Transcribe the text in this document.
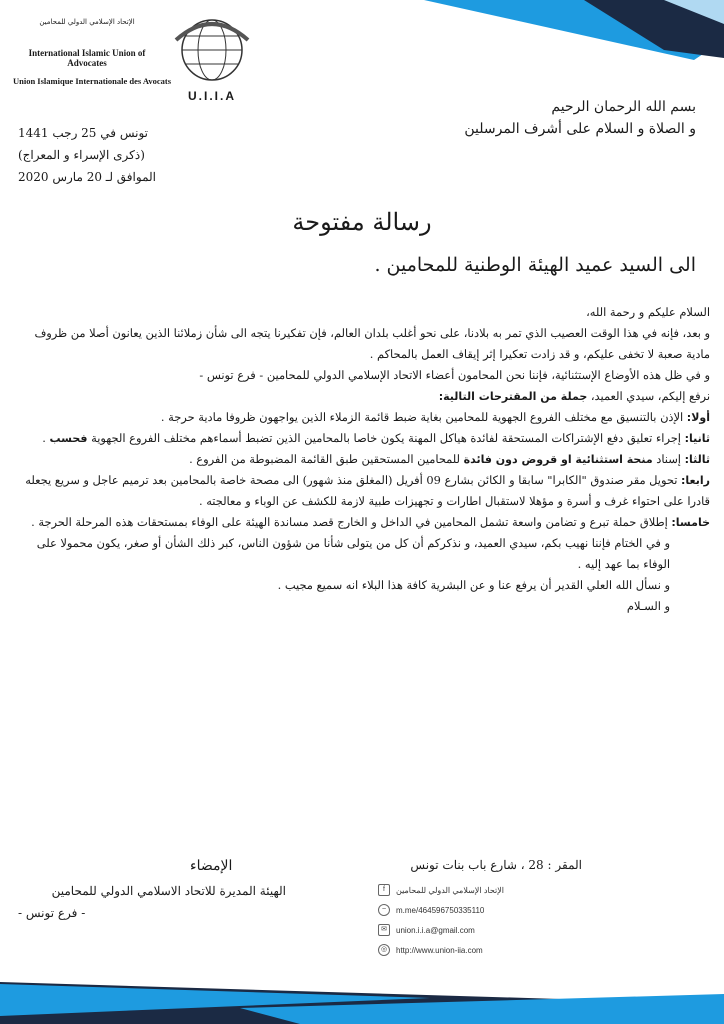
الإتحاد الإسلامي الدولي للمحامين
International Islamic Union of Advocates
Union Islamique Internationale des Avocats
U.I.I.A
تونس في 25 رجب 1441
(ذكرى الإسراء و المعراج)
الموافق لـ 20 مارس 2020
بسم الله الرحمان الرحيم
و الصلاة و السلام على أشرف المرسلين
رسالة مفتوحة
الى السيد عميد الهيئة الوطنية للمحامين .

السلام عليكم و رحمة الله،

و بعد، فإنه في هذا الوقت العصيب الذي تمر به بلادنا، على نحو أغلب بلدان العالم، فإن تفكيرنا يتجه الى شأن زملائنا الذين يعانون أصلا من ظروف مادية صعبة لا تخفى عليكم، و قد زادت تعكيرا إثر إيقاف العمل بالمحاكم .

و في ظل هذه الأوضاع الإستثنائية، فإننا نحن المحامون أعضاء الاتحاد الإسلامي الدولي للمحامين - فرع تونس -

نرفع إليكم، سيدي العميد، جملة من المقترحات التالية:

أولا: الإذن بالتنسيق مع مختلف الفروع الجهوية للمحامين بغاية ضبط قائمة الزملاء الذين يواجهون ظروفا مادية حرجة .

ثانيا: إجراء تعليق دفع الإشتراكات المستحقة لفائدة هياكل المهنة يكون خاصا بالمحامين الذين تضبط أسماءهم مختلف الفروع الجهوية فحسب .

ثالثا: إسناد منحة استثنائية او قروض دون فائدة للمحامين المستحقين طبق القائمة المضبوطة من الفروع .

رابعا: تحويل مقر صندوق "الكابرا" سابقا و الكائن بشارع 09 أفريل (المغلق منذ شهور) الى مصحة خاصة بالمحامين بعد ترميم عاجل و سريع يجعله قادرا على احتواء غرف و أسرة و مؤهلا لاستقبال اطارات و تجهيزات طبية لازمة للكشف عن الوباء و معالجته .

خامسا: إطلاق حملة تبرع و تضامن واسعة تشمل المحامين في الداخل و الخارج قصد مساندة الهيئة على الوفاء بمستحقات هذه المرحلة الحرجة .

و في الختام فإننا نهيب بكم، سيدي العميد، و نذكركم أن كل من يتولى شأنا من شؤون الناس، كبر ذلك الشأن أو صغر، يكون محمولا على الوفاء بما عهد إليه .

و نسأل الله العلي القدير أن يرفع عنا و عن البشرية كافة هذا البلاء انه سميع مجيب .

و السـلام

الإمضاء
الهيئة المديرة للاتحاد الاسلامي الدولي للمحامين
- فرع تونس -
المقر : 28 ، شارع باب بنات تونس
f	الإتحاد الإسلامي الدولي للمحامين
~	m.me/464596750335110
✉	union.i.i.a@gmail.com
◎	http://www.union-iia.com
